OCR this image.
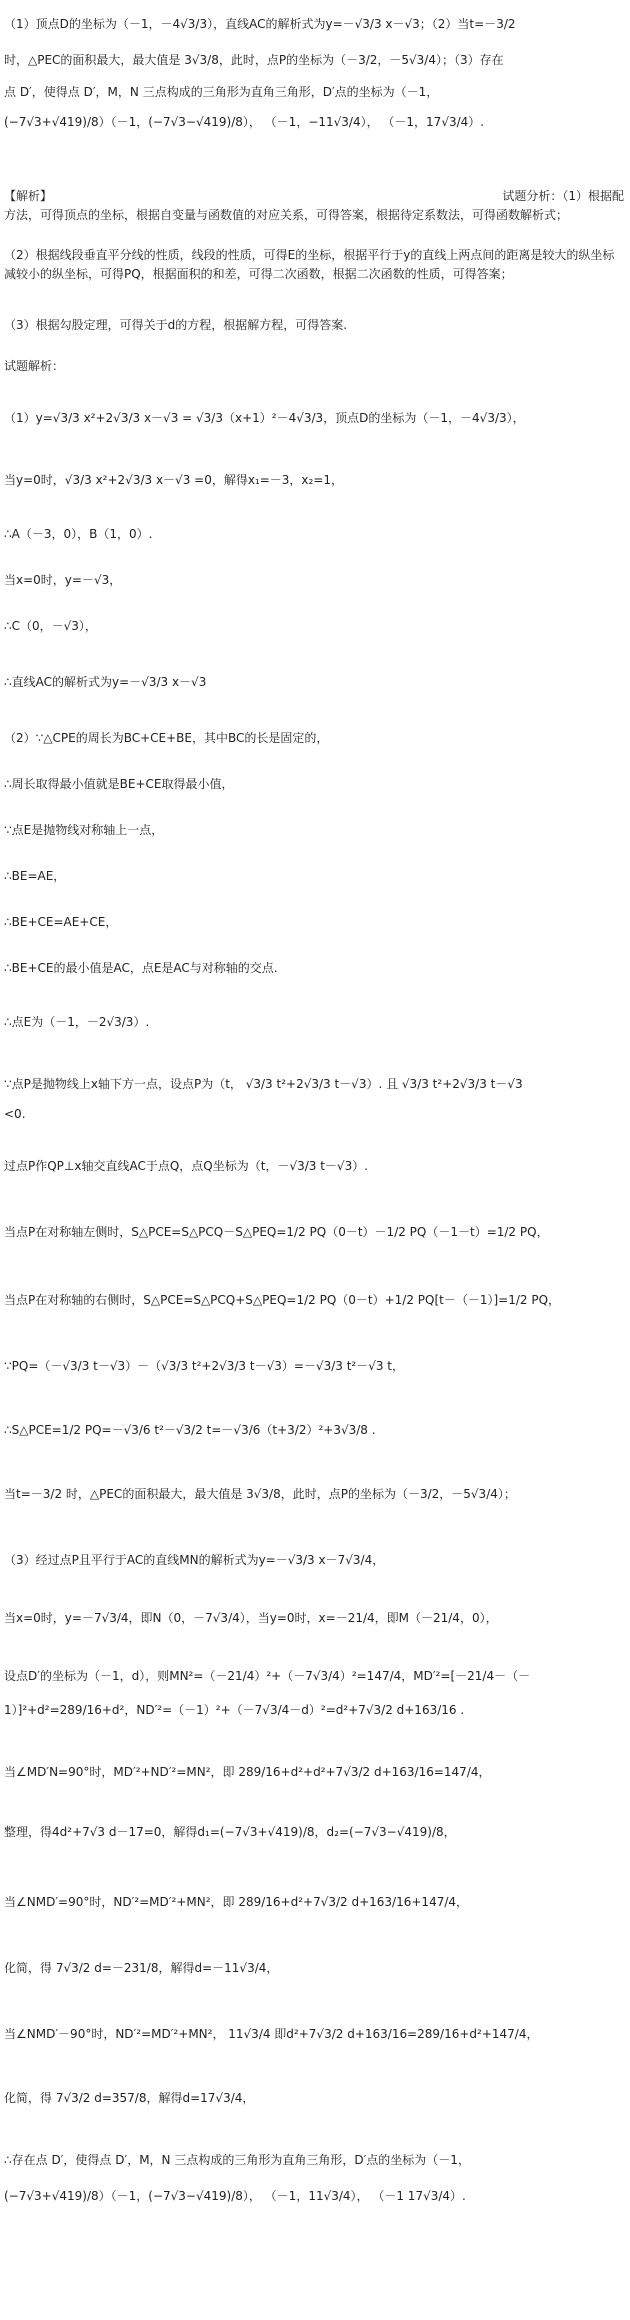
（1）顶点D的坐标为（－1，－4√3/3），直线AC的解析式为y=－√3/3 x－√3；（2）当t=－3/2
时，△PEC的面积最大，最大值是 3√3/8，此时，点P的坐标为（－3/2，－5√3/4）；（3）存在
点 D′，使得点 D′，M，N 三点构成的三角形为直角三角形，D′点的坐标为（－1，
(−7√3+√419)/8）（－1，(−7√3−√419)/8）， （－1，−11√3/4）， （－1，17√3/4）.
【解析】	试题分析：（1）根据配
方法，可得顶点的坐标，根据自变量与函数值的对应关系，可得答案，根据待定系数法，可得函数解析式；
（2）根据线段垂直平分线的性质，线段的性质，可得E的坐标，根据平行于y的直线上两点间的距离是较大的纵坐标减较小的纵坐标，可得PQ，根据面积的和差，可得二次函数，根据二次函数的性质，可得答案；
（3）根据勾股定理，可得关于d的方程，根据解方程，可得答案.
试题解析：
（1）y=√3/3 x²+2√3/3 x－√3 = √3/3（x+1）²－4√3/3，顶点D的坐标为（－1，－4√3/3），
当y=0时，√3/3 x²+2√3/3 x－√3 =0，解得x₁=－3，x₂=1，
∴A（－3，0），B（1，0）.
当x=0时，y=－√3，
∴C（0，－√3），
∴直线AC的解析式为y=－√3/3 x－√3
（2）∵△CPE的周长为BC+CE+BE，其中BC的长是固定的，
∴周长取得最小值就是BE+CE取得最小值，
∵点E是抛物线对称轴上一点，
∴BE=AE，
∴BE+CE=AE+CE，
∴BE+CE的最小值是AC，点E是AC与对称轴的交点.
∴点E为（－1，－2√3/3）.
∵点P是抛物线上x轴下方一点，设点P为（t， √3/3 t²+2√3/3 t－√3）. 且 √3/3 t²+2√3/3 t－√3
<0.
过点P作QP⊥x轴交直线AC于点Q，点Q坐标为（t，－√3/3 t－√3）.
当点P在对称轴左侧时，S△PCE=S△PCQ－S△PEQ=1/2 PQ（0－t）－1/2 PQ（－1－t）=1/2 PQ，
当点P在对称轴的右侧时，S△PCE=S△PCQ+S△PEQ=1/2 PQ（0－t）+1/2 PQ[t－（－1）]=1/2 PQ，
∵PQ=（－√3/3 t－√3）－（√3/3 t²+2√3/3 t－√3）=－√3/3 t²－√3 t，
∴S△PCE=1/2 PQ=－√3/6 t²－√3/2 t=－√3/6（t+3/2）²+3√3/8 .
当t=－3/2 时，△PEC的面积最大，最大值是 3√3/8，此时，点P的坐标为（－3/2，－5√3/4）；
（3）经过点P且平行于AC的直线MN的解析式为y=－√3/3 x－7√3/4，
当x=0时，y=－7√3/4，即N（0，－7√3/4），当y=0时，x=－21/4，即M（－21/4，0），
设点D′的坐标为（－1，d），则MN²=（－21/4）²+（－7√3/4）²=147/4，MD′²=[－21/4－（－
1）]²+d²=289/16+d²，ND′²=（－1）²+（－7√3/4－d）²=d²+7√3/2 d+163/16 .
当∠MD′N=90°时，MD′²+ND′²=MN²，即 289/16+d²+d²+7√3/2 d+163/16=147/4，
整理，得4d²+7√3 d－17=0，解得d₁=(−7√3+√419)/8，d₂=(−7√3−√419)/8，
当∠NMD′=90°时，ND′²=MD′²+MN²，即 289/16+d²+7√3/2 d+163/16+147/4，
化简，得 7√3/2 d=－231/8，解得d=－11√3/4，
当∠NMD′－90°时，ND′²=MD′²+MN²， 11√3/4 即d²+7√3/2 d+163/16=289/16+d²+147/4，
化简，得 7√3/2 d=357/8，解得d=17√3/4，
∴存在点 D′，使得点 D′，M，N 三点构成的三角形为直角三角形，D′点的坐标为（－1，
(−7√3+√419)/8）（－1，(−7√3−√419)/8）， （－1，11√3/4）， （－1 17√3/4）.
